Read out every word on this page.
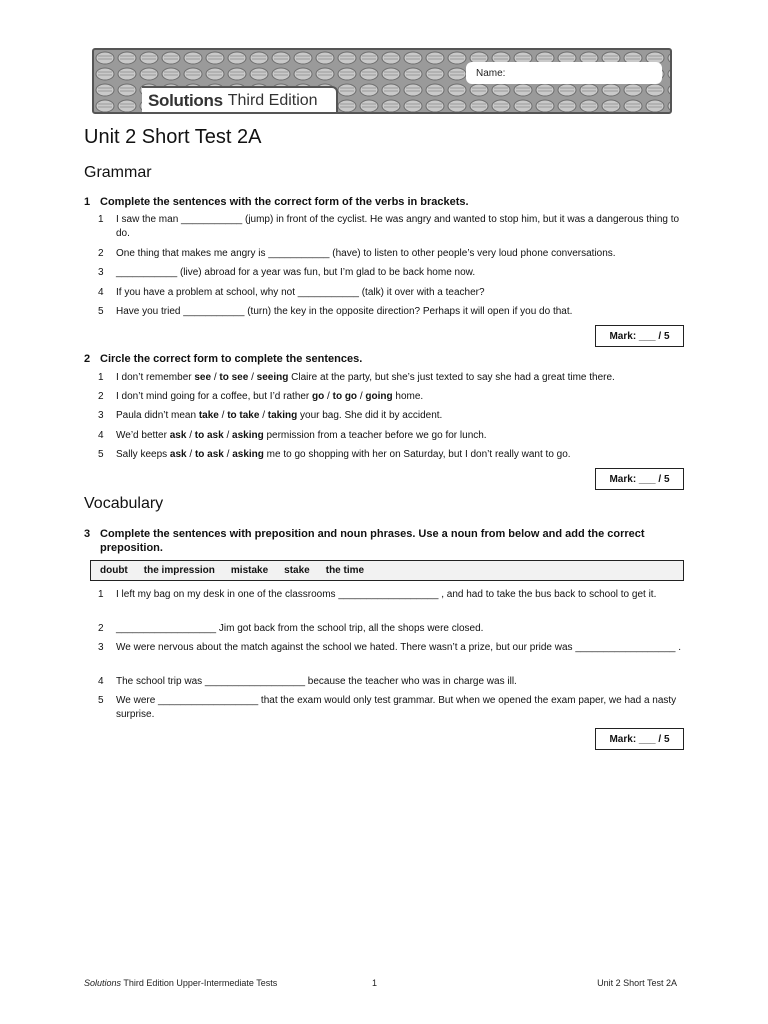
Name:
Solutions Third Edition
Unit 2 Short Test 2A
Grammar
1 Complete the sentences with the correct form of the verbs in brackets.
1	I saw the man ___________ (jump) in front of the cyclist. He was angry and wanted to stop him, but it was a dangerous thing to do.
2	One thing that makes me angry is ___________ (have) to listen to other people’s very loud phone conversations.
3	___________ (live) abroad for a year was fun, but I’m glad to be back home now.
4	If you have a problem at school, why not ___________ (talk) it over with a teacher?
5	Have you tried ___________ (turn) the key in the opposite direction? Perhaps it will open if you do that.
Mark: ___ / 5
2 Circle the correct form to complete the sentences.
1	I don’t remember see / to see / seeing Claire at the party, but she’s just texted to say she had a great time there.
2	I don’t mind going for a coffee, but I’d rather go / to go / going home.
3	Paula didn’t mean take / to take / taking your bag. She did it by accident.
4	We’d better ask / to ask / asking permission from a teacher before we go for lunch.
5	Sally keeps ask / to ask / asking me to go shopping with her on Saturday, but I don’t really want to go.
Mark: ___ / 5
Vocabulary
3 Complete the sentences with preposition and noun phrases. Use a noun from below and add the correct preposition.
doubt the impression mistake stake the time
1	I left my bag on my desk in one of the classrooms __________________ , and had to take the bus back to school to get it.
2	__________________ Jim got back from the school trip, all the shops were closed.
3	We were nervous about the match against the school we hated. There wasn’t a prize, but our pride was __________________ .
4	The school trip was __________________ because the teacher who was in charge was ill.
5	We were __________________ that the exam would only test grammar. But when we opened the exam paper, we had a nasty surprise.
Mark: ___ / 5
Solutions Third Edition Upper-Intermediate Tests	1	Unit 2 Short Test 2A
